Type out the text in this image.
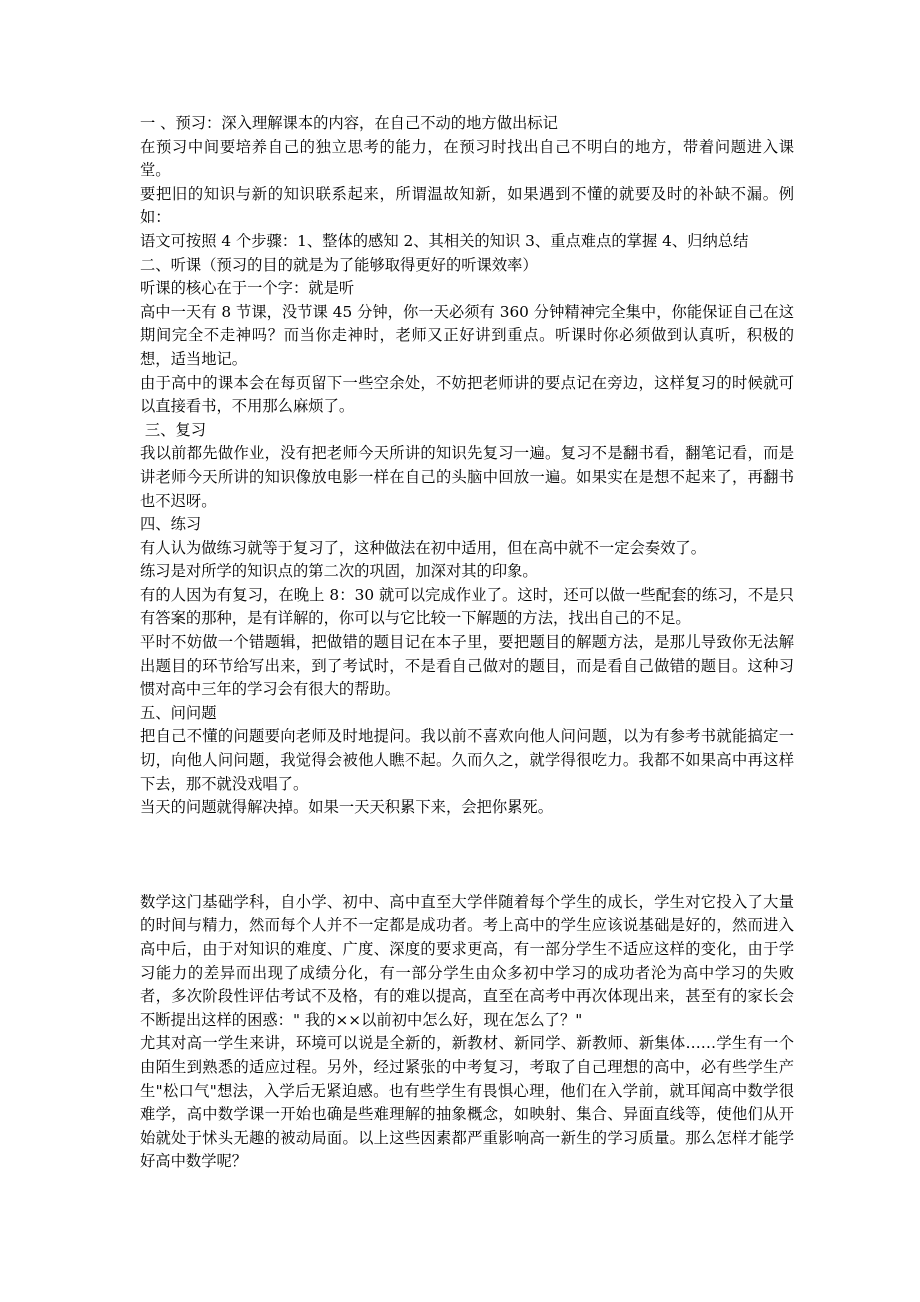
一 、预习：深入理解课本的内容，在自己不动的地方做出标记

在预习中间要培养自己的独立思考的能力，在预习时找出自己不明白的地方，带着问题进入课堂。

要把旧的知识与新的知识联系起来，所谓温故知新，如果遇到不懂的就要及时的补缺不漏。例如：

语文可按照 4 个步骤：1、整体的感知 2、其相关的知识 3、重点难点的掌握 4、归纳总结

二、听课（预习的目的就是为了能够取得更好的听课效率）

听课的核心在于一个字：就是听

高中一天有 8 节课，没节课 45 分钟，你一天必须有 360 分钟精神完全集中，你能保证自己在这期间完全不走神吗？而当你走神时，老师又正好讲到重点。听课时你必须做到认真听，积极的想，适当地记。

由于高中的课本会在每页留下一些空余处，不妨把老师讲的要点记在旁边，这样复习的时候就可以直接看书，不用那么麻烦了。

三、复习

我以前都先做作业，没有把老师今天所讲的知识先复习一遍。复习不是翻书看，翻笔记看，而是讲老师今天所讲的知识像放电影一样在自己的头脑中回放一遍。如果实在是想不起来了，再翻书也不迟呀。

四、练习

有人认为做练习就等于复习了，这种做法在初中适用，但在高中就不一定会奏效了。

练习是对所学的知识点的第二次的巩固，加深对其的印象。

有的人因为有复习，在晚上 8：30 就可以完成作业了。这时，还可以做一些配套的练习，不是只有答案的那种，是有详解的，你可以与它比较一下解题的方法，找出自己的不足。

平时不妨做一个错题辑，把做错的题目记在本子里，要把题目的解题方法，是那儿导致你无法解出题目的环节给写出来，到了考试时，不是看自己做对的题目，而是看自己做错的题目。这种习惯对高中三年的学习会有很大的帮助。

五、问问题

把自己不懂的问题要向老师及时地提问。我以前不喜欢向他人问问题，以为有参考书就能搞定一切，向他人问问题，我觉得会被他人瞧不起。久而久之，就学得很吃力。我都不如果高中再这样下去，那不就没戏唱了。

当天的问题就得解决掉。如果一天天积累下来，会把你累死。

数学这门基础学科，自小学、初中、高中直至大学伴随着每个学生的成长，学生对它投入了大量的时间与精力，然而每个人并不一定都是成功者。考上高中的学生应该说基础是好的，然而进入高中后，由于对知识的难度、广度、深度的要求更高，有一部分学生不适应这样的变化，由于学习能力的差异而出现了成绩分化，有一部分学生由众多初中学习的成功者沦为高中学习的失败者，多次阶段性评估考试不及格，有的难以提高，直至在高考中再次体现出来，甚至有的家长会不断提出这样的困惑：" 我的××以前初中怎么好，现在怎么了？"

尤其对高一学生来讲，环境可以说是全新的，新教材、新同学、新教师、新集体……学生有一个由陌生到熟悉的适应过程。另外，经过紧张的中考复习，考取了自己理想的高中，必有些学生产生"松口气"想法，入学后无紧迫感。也有些学生有畏惧心理，他们在入学前，就耳闻高中数学很难学，高中数学课一开始也确是些难理解的抽象概念，如映射、集合、异面直线等，使他们从开始就处于怵头无趣的被动局面。以上这些因素都严重影响高一新生的学习质量。那么怎样才能学好高中数学呢？
